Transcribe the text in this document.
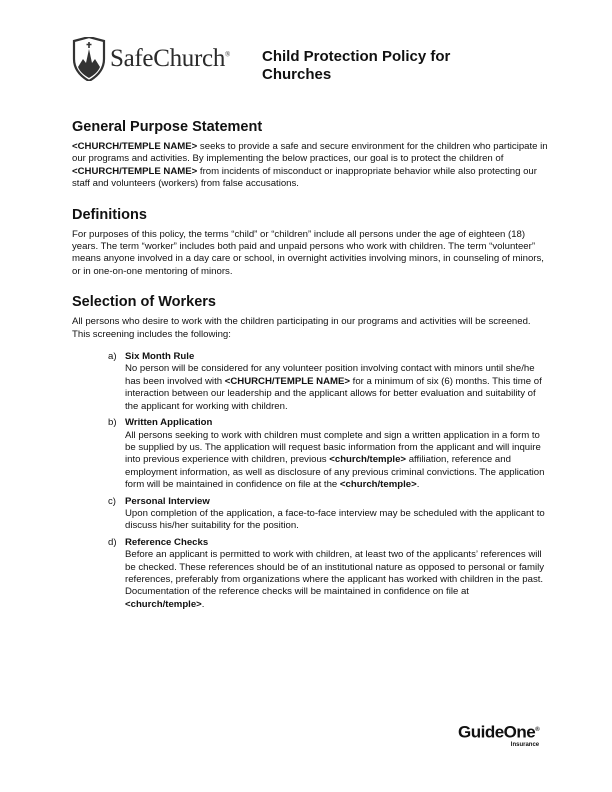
SafeChurch® Child Protection Policy for Churches
General Purpose Statement

<CHURCH/TEMPLE NAME> seeks to provide a safe and secure environment for the children who participate in our programs and activities. By implementing the below practices, our goal is to protect the children of <CHURCH/TEMPLE NAME> from incidents of misconduct or inappropriate behavior while also protecting our staff and volunteers (workers) from false accusations.

Definitions

For purposes of this policy, the terms “child” or “children” include all persons under the age of eighteen (18) years. The term “worker” includes both paid and unpaid persons who work with children. The term “volunteer” means anyone involved in a day care or school, in overnight activities involving minors, in counseling of minors, or in one-on-one mentoring of minors.

Selection of Workers

All persons who desire to work with the children participating in our programs and activities will be screened. This screening includes the following:

a) Six Month Rule
No person will be considered for any volunteer position involving contact with minors until she/he has been involved with <CHURCH/TEMPLE NAME> for a minimum of six (6) months. This time of interaction between our leadership and the applicant allows for better evaluation and suitability of the applicant for working with children.
b) Written Application
All persons seeking to work with children must complete and sign a written application in a form to be supplied by us. The application will request basic information from the applicant and will inquire into previous experience with children, previous <church/temple> affiliation, reference and employment information, as well as disclosure of any previous criminal convictions. The application form will be maintained in confidence on file at the <church/temple>.
c) Personal Interview
Upon completion of the application, a face-to-face interview may be scheduled with the applicant to discuss his/her suitability for the position.
d) Reference Checks
Before an applicant is permitted to work with children, at least two of the applicants’ references will be checked. These references should be of an institutional nature as opposed to personal or family references, preferably from organizations where the applicant has worked with children in the past. Documentation of the reference checks will be maintained in confidence on file at <church/temple>.
GuideOne®
Insurance
